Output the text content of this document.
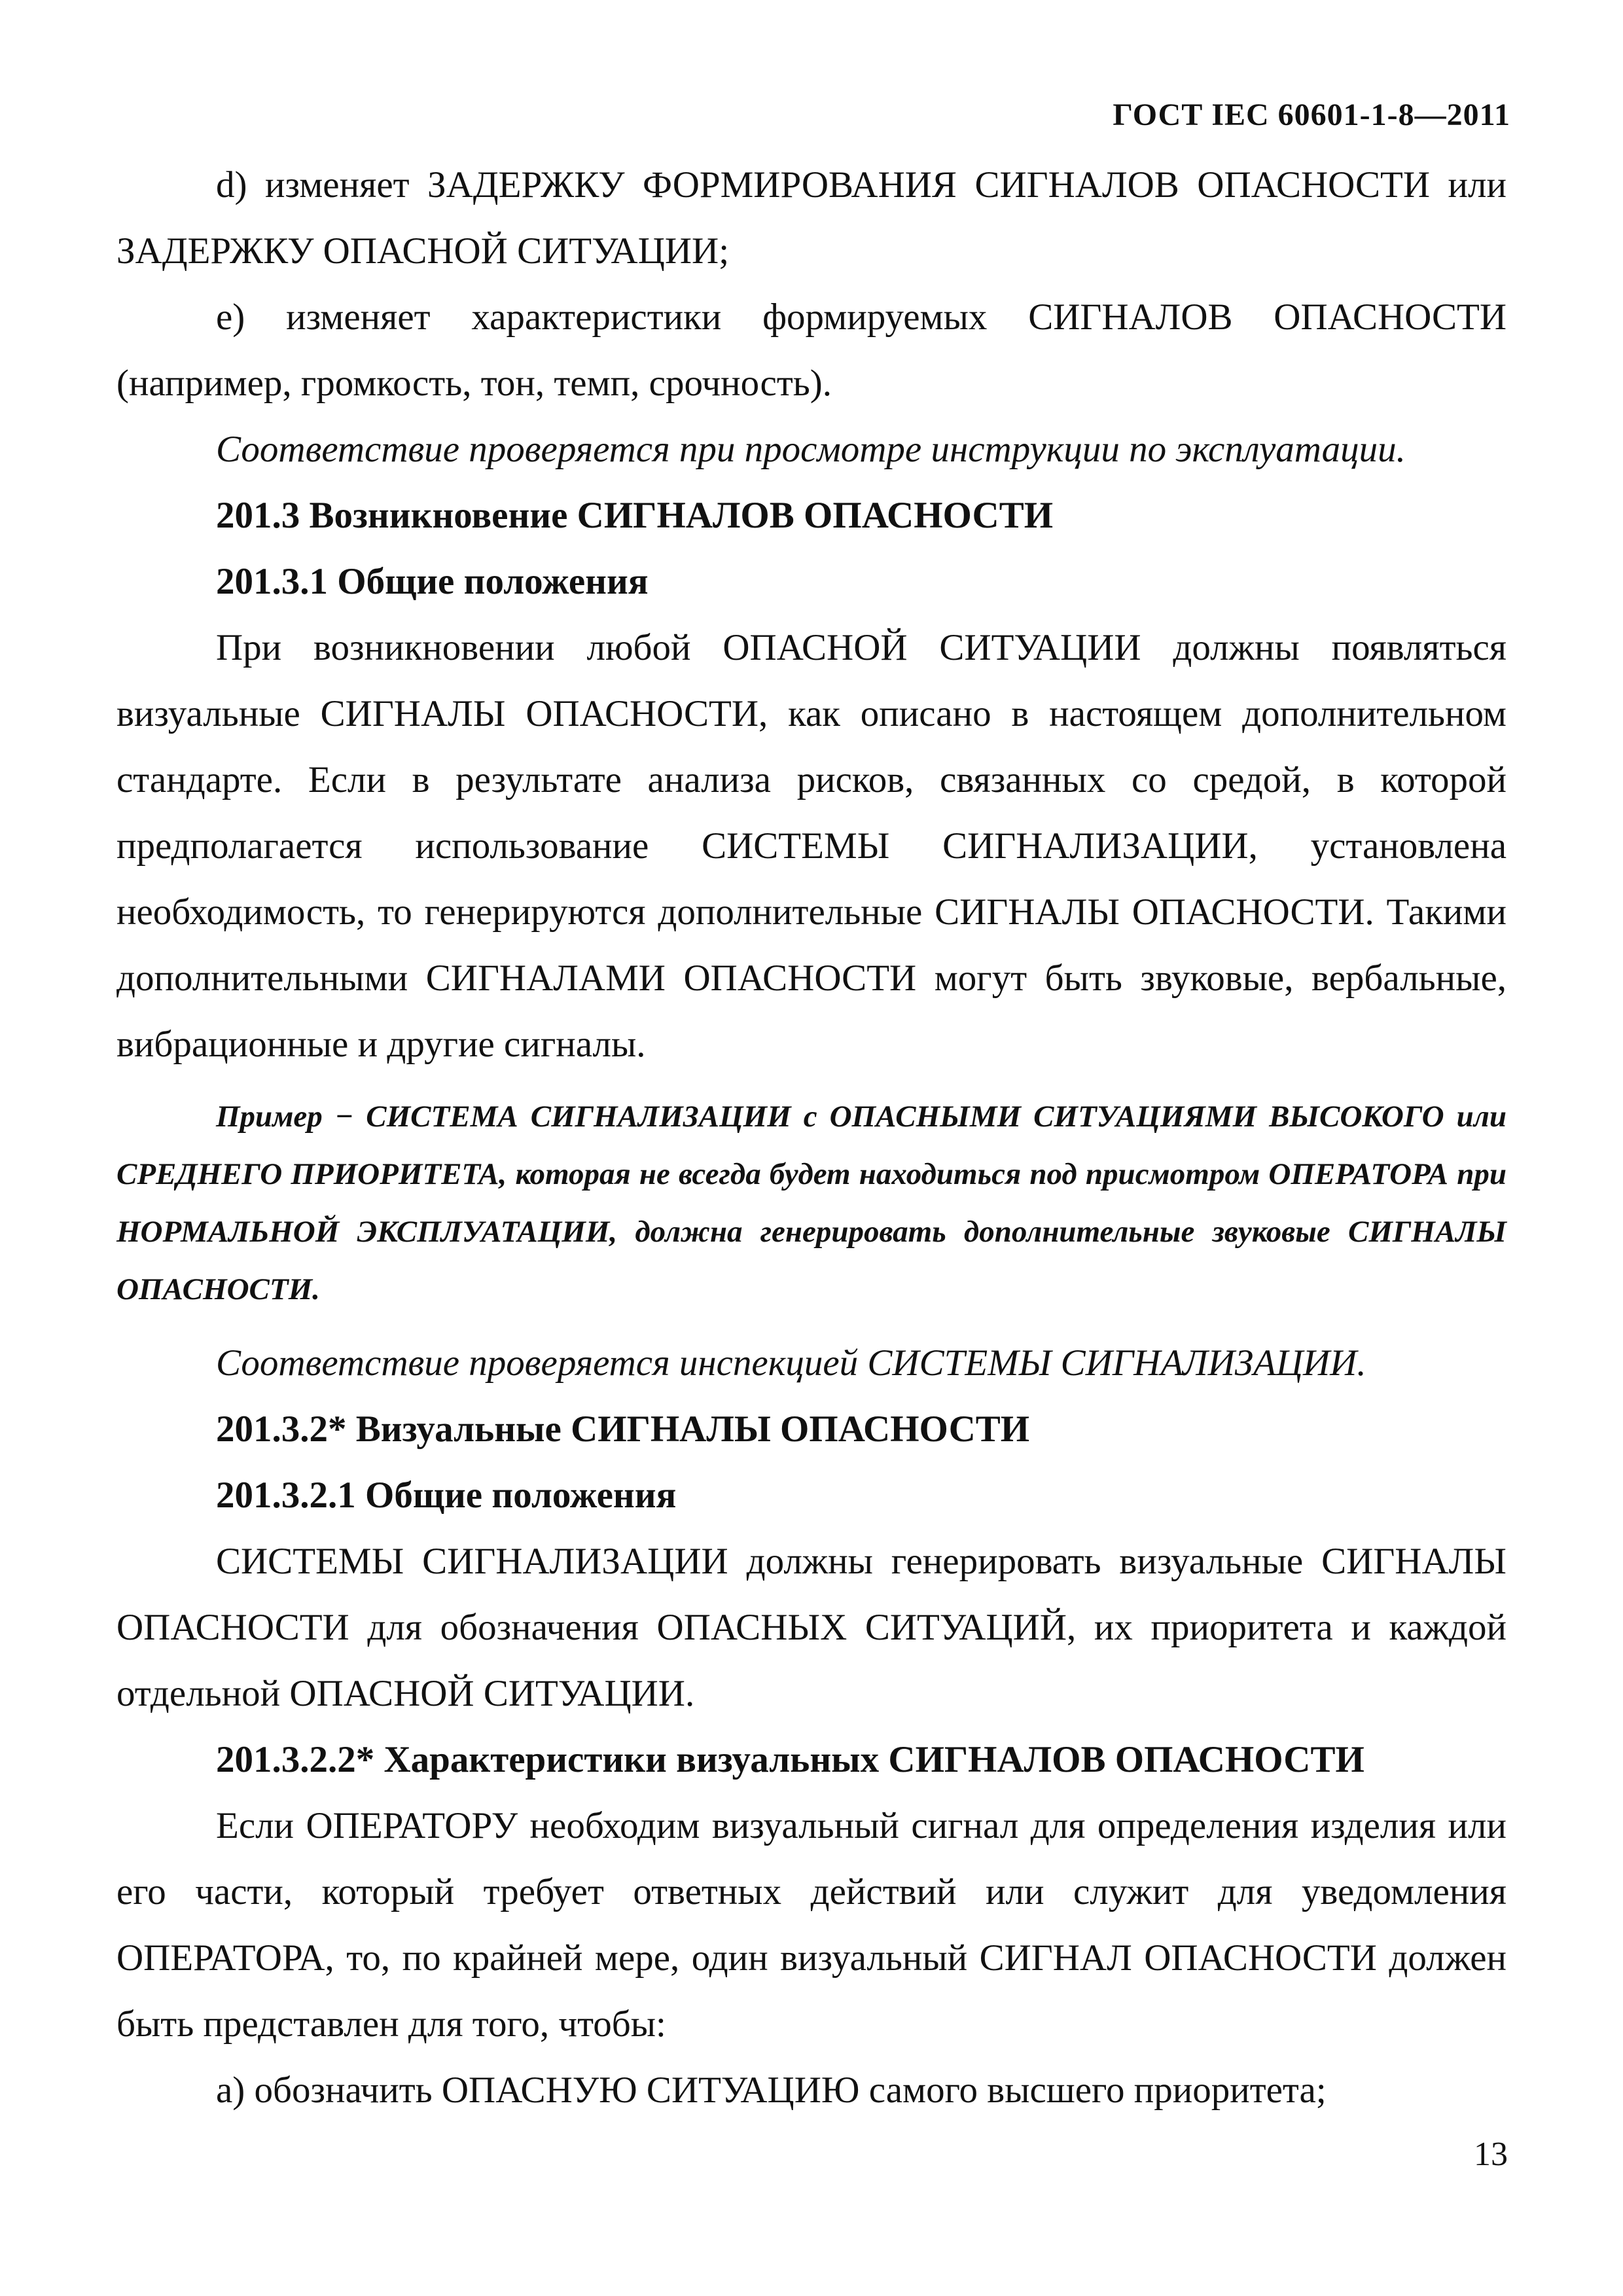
ГОСТ IEC 60601-1-8—2011

d) изменяет ЗАДЕРЖКУ ФОРМИРОВАНИЯ СИГНАЛОВ ОПАСНОСТИ или ЗАДЕРЖКУ ОПАСНОЙ СИТУАЦИИ;

е) изменяет характеристики формируемых СИГНАЛОВ ОПАСНОСТИ (например, громкость, тон, темп, срочность).

Соответствие проверяется при просмотре инструкции по эксплуатации.

201.3 Возникновение СИГНАЛОВ ОПАСНОСТИ

201.3.1 Общие положения

При возникновении любой ОПАСНОЙ СИТУАЦИИ должны появляться визуальные СИГНАЛЫ ОПАСНОСТИ, как описано в настоящем дополнительном стандарте. Если в результате анализа рисков, связанных со средой, в которой предполагается использование СИСТЕМЫ СИГНАЛИЗАЦИИ, установлена необходимость, то генерируются дополнительные СИГНАЛЫ ОПАСНОСТИ. Такими дополнительными СИГНАЛАМИ ОПАСНОСТИ могут быть звуковые, вербальные, вибрационные и другие сигналы.

Пример − СИСТЕМА СИГНАЛИЗАЦИИ с ОПАСНЫМИ СИТУАЦИЯМИ ВЫСОКОГО или СРЕДНЕГО ПРИОРИТЕТА, которая не всегда будет находиться под присмотром ОПЕРАТОРА при НОРМАЛЬНОЙ ЭКСПЛУАТАЦИИ, должна генерировать дополнительные звуковые СИГНАЛЫ ОПАСНОСТИ.

Соответствие проверяется инспекцией СИСТЕМЫ СИГНАЛИЗАЦИИ.

201.3.2* Визуальные СИГНАЛЫ ОПАСНОСТИ

201.3.2.1 Общие положения

СИСТЕМЫ СИГНАЛИЗАЦИИ должны генерировать визуальные СИГНАЛЫ ОПАСНОСТИ для обозначения ОПАСНЫХ СИТУАЦИЙ, их приоритета и каждой отдельной ОПАСНОЙ СИТУАЦИИ.

201.3.2.2* Характеристики визуальных СИГНАЛОВ ОПАСНОСТИ

Если ОПЕРАТОРУ необходим визуальный сигнал для определения изделия или его части, который требует ответных действий или служит для уведомления ОПЕРАТОРА, то, по крайней мере, один визуальный СИГНАЛ ОПАСНОСТИ должен быть представлен для того, чтобы:

а) обозначить ОПАСНУЮ СИТУАЦИЮ самого высшего приоритета;

13
